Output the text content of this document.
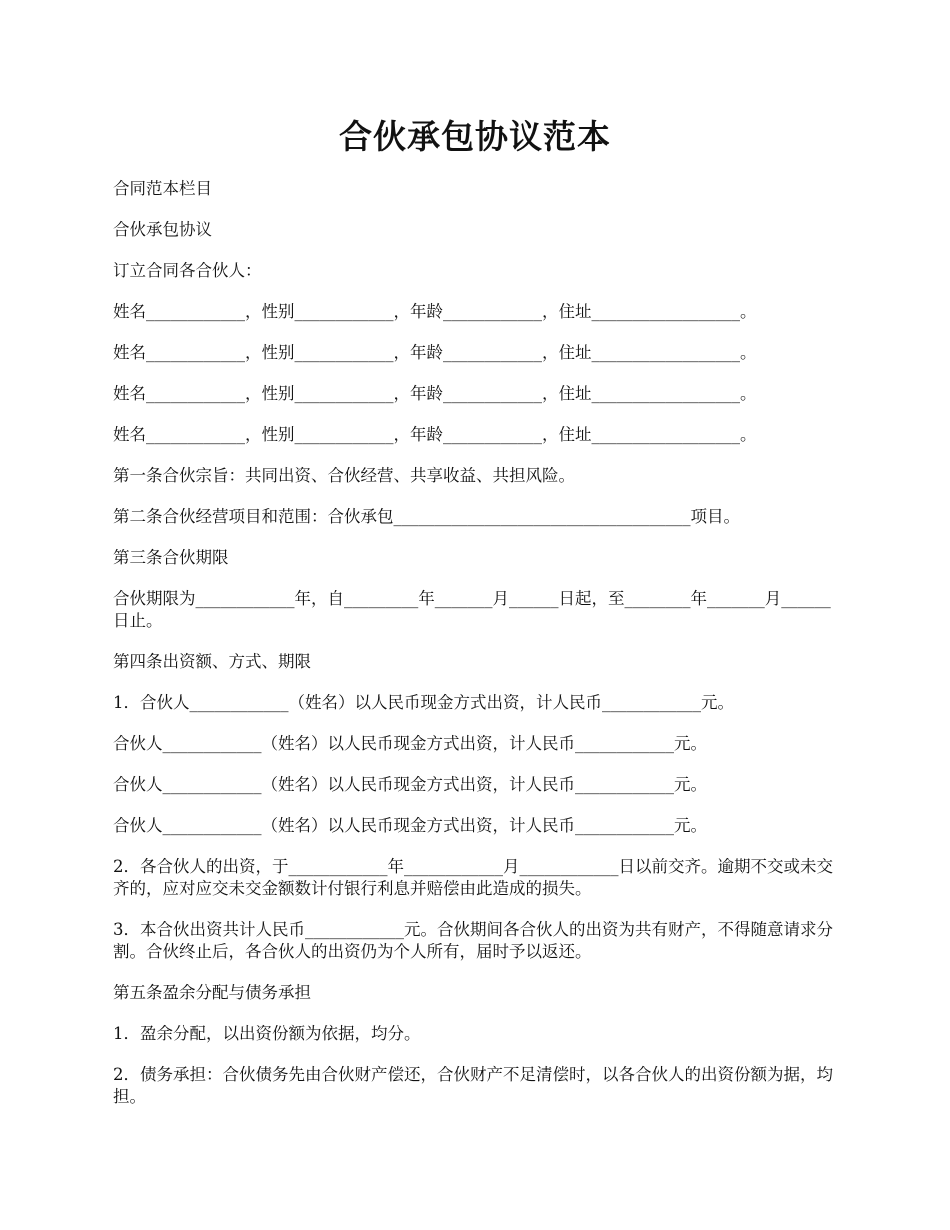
合伙承包协议范本

合同范本栏目

合伙承包协议

订立合同各合伙人：

姓名____________，性别____________，年龄____________，住址__________________。

姓名____________，性别____________，年龄____________，住址__________________。

姓名____________，性别____________，年龄____________，住址__________________。

姓名____________，性别____________，年龄____________，住址__________________。

第一条合伙宗旨：共同出资、合伙经营、共享收益、共担风险。

第二条合伙经营项目和范围：合伙承包____________________________________项目。

第三条合伙期限

合伙期限为____________年，自_________年_______月______日起，至________年_______月______日止。

第四条出资额、方式、期限

1．合伙人____________（姓名）以人民币现金方式出资，计人民币____________元。

合伙人____________（姓名）以人民币现金方式出资，计人民币____________元。

合伙人____________（姓名）以人民币现金方式出资，计人民币____________元。

合伙人____________（姓名）以人民币现金方式出资，计人民币____________元。

2．各合伙人的出资，于____________年____________月____________日以前交齐。逾期不交或未交齐的，应对应交未交金额数计付银行利息并赔偿由此造成的损失。

3．本合伙出资共计人民币____________元。合伙期间各合伙人的出资为共有财产，不得随意请求分割。合伙终止后，各合伙人的出资仍为个人所有，届时予以返还。

第五条盈余分配与债务承担

1．盈余分配，以出资份额为依据，均分。

2．债务承担：合伙债务先由合伙财产偿还，合伙财产不足清偿时，以各合伙人的出资份额为据，均担。
